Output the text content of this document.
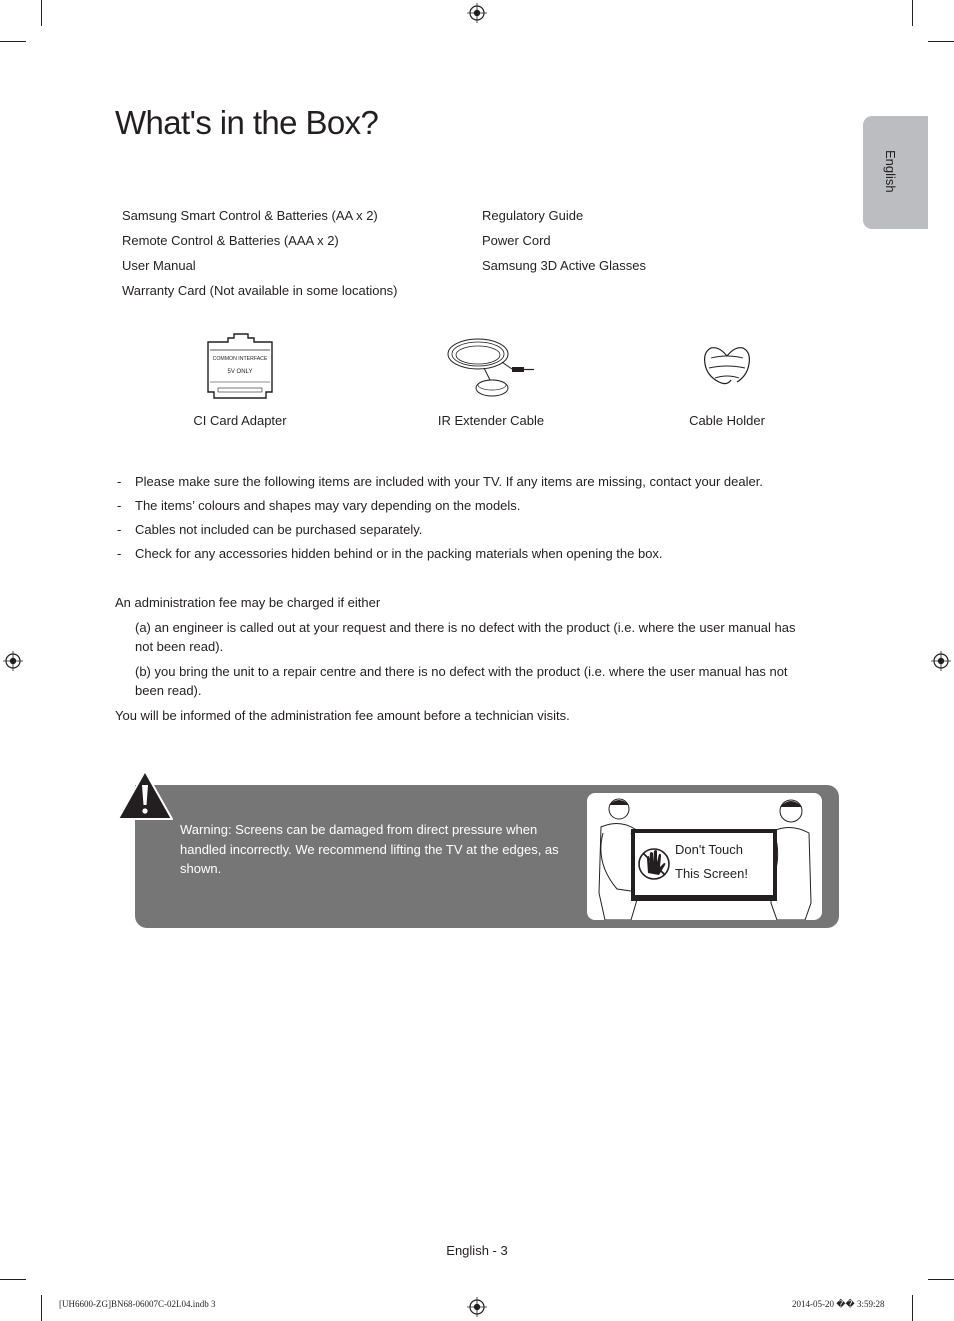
What's in the Box?
English
Samsung Smart Control & Batteries (AA x 2)
Remote Control & Batteries (AAA x 2)
User Manual
Warranty Card (Not available in some locations)
Regulatory Guide
Power Cord
Samsung 3D Active Glasses
COMMON INTERFACE
5V ONLY
CI Card Adapter	IR Extender Cable	Cable Holder
- Please make sure the following items are included with your TV. If any items are missing, contact your dealer.
- The items’ colours and shapes may vary depending on the models.
- Cables not included can be purchased separately.
- Check for any accessories hidden behind or in the packing materials when opening the box.

An administration fee may be charged if either

(a) an engineer is called out at your request and there is no defect with the product (i.e. where the user manual has not been read).

(b) you bring the unit to a repair centre and there is no defect with the product (i.e. where the user manual has not been read).

You will be informed of the administration fee amount before a technician visits.

Warning: Screens can be damaged from direct pressure when handled incorrectly. We recommend lifting the TV at the edges, as shown.
Don't Touch
This Screen!
English - 3
[UH6600-ZG]BN68-06007C-02L04.indb 3	2014-05-20 �� 3:59:28
